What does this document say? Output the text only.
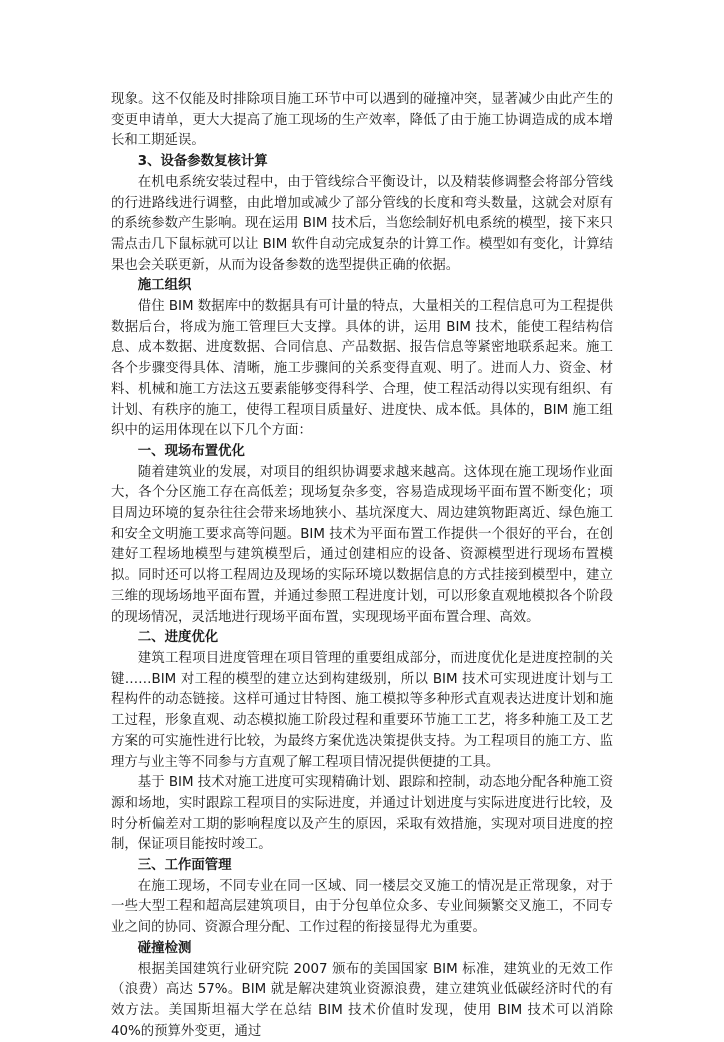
现象。这不仅能及时排除项目施工环节中可以遇到的碰撞冲突，显著减少由此产生的变更申请单，更大大提高了施工现场的生产效率，降低了由于施工协调造成的成本增长和工期延误。

3、设备参数复核计算

在机电系统安装过程中，由于管线综合平衡设计，以及精装修调整会将部分管线的行进路线进行调整，由此增加或减少了部分管线的长度和弯头数量，这就会对原有的系统参数产生影响。现在运用 BIM 技术后，当您绘制好机电系统的模型，接下来只需点击几下鼠标就可以让 BIM 软件自动完成复杂的计算工作。模型如有变化，计算结果也会关联更新，从而为设备参数的选型提供正确的依据。

施工组织

借住 BIM 数据库中的数据具有可计量的特点，大量相关的工程信息可为工程提供数据后台，将成为施工管理巨大支撑。具体的讲，运用 BIM 技术，能使工程结构信息、成本数据、进度数据、合同信息、产品数据、报告信息等紧密地联系起来。施工各个步骤变得具体、清晰，施工步骤间的关系变得直观、明了。进而人力、资金、材料、机械和施工方法这五要素能够变得科学、合理，使工程活动得以实现有组织、有计划、有秩序的施工，使得工程项目质量好、进度快、成本低。具体的，BIM 施工组织中的运用体现在以下几个方面：

一、现场布置优化

随着建筑业的发展，对项目的组织协调要求越来越高。这体现在施工现场作业面大，各个分区施工存在高低差；现场复杂多变，容易造成现场平面布置不断变化；项目周边环境的复杂往往会带来场地狭小、基坑深度大、周边建筑物距离近、绿色施工和安全文明施工要求高等问题。BIM 技术为平面布置工作提供一个很好的平台，在创建好工程场地模型与建筑模型后，通过创建相应的设备、资源模型进行现场布置模拟。同时还可以将工程周边及现场的实际环境以数据信息的方式挂接到模型中，建立三维的现场场地平面布置，并通过参照工程进度计划，可以形象直观地模拟各个阶段的现场情况，灵活地进行现场平面布置，实现现场平面布置合理、高效。

二、进度优化

建筑工程项目进度管理在项目管理的重要组成部分，而进度优化是进度控制的关键……BIM 对工程的模型的建立达到构建级别，所以 BIM 技术可实现进度计划与工程构件的动态链接。这样可通过甘特图、施工模拟等多种形式直观表达进度计划和施工过程，形象直观、动态模拟施工阶段过程和重要环节施工工艺，将多种施工及工艺方案的可实施性进行比较，为最终方案优选决策提供支持。为工程项目的施工方、监理方与业主等不同参与方直观了解工程项目情况提供便捷的工具。

基于 BIM 技术对施工进度可实现精确计划、跟踪和控制，动态地分配各种施工资源和场地，实时跟踪工程项目的实际进度，并通过计划进度与实际进度进行比较，及时分析偏差对工期的影响程度以及产生的原因，采取有效措施，实现对项目进度的控制，保证项目能按时竣工。

三、工作面管理

在施工现场，不同专业在同一区域、同一楼层交叉施工的情况是正常现象，对于一些大型工程和超高层建筑项目，由于分包单位众多、专业间频繁交叉施工，不同专业之间的协同、资源合理分配、工作过程的衔接显得尤为重要。

碰撞检测

根据美国建筑行业研究院 2007 颁布的美国国家 BIM 标准，建筑业的无效工作（浪费）高达 57%。BIM 就是解决建筑业资源浪费，建立建筑业低碳经济时代的有效方法。美国斯坦福大学在总结 BIM 技术价值时发现，使用 BIM 技术可以消除 40%的预算外变更，通过
